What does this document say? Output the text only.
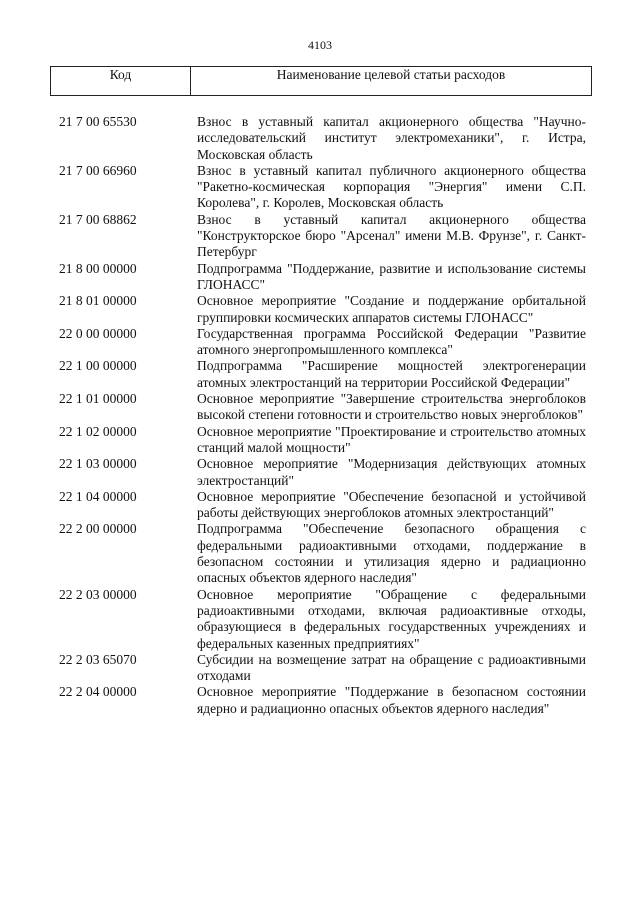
4103
Код	Наименование целевой статьи расходов
21 7 00 65530	Взнос в уставный капитал акционерного общества "Научно-исследовательский институт электромеханики", г. Истра, Московская область
21 7 00 66960	Взнос в уставный капитал публичного акционерного общества "Ракетно-космическая корпорация "Энергия" имени С.П. Королева", г. Королев, Московская область
21 7 00 68862	Взнос в уставный капитал акционерного общества "Конструкторское бюро "Арсенал" имени М.В. Фрунзе", г. Санкт-Петербург
21 8 00 00000	Подпрограмма "Поддержание, развитие и использование системы ГЛОНАСС"
21 8 01 00000	Основное мероприятие "Создание и поддержание орбитальной группировки космических аппаратов системы ГЛОНАСС"
22 0 00 00000	Государственная программа Российской Федерации "Развитие атомного энергопромышленного комплекса"
22 1 00 00000	Подпрограмма "Расширение мощностей электрогенерации атомных электростанций на территории Российской Федерации"
22 1 01 00000	Основное мероприятие "Завершение строительства энергоблоков высокой степени готовности и строительство новых энергоблоков"
22 1 02 00000	Основное мероприятие "Проектирование и строительство атомных станций малой мощности"
22 1 03 00000	Основное мероприятие "Модернизация действующих атомных электростанций"
22 1 04 00000	Основное мероприятие "Обеспечение безопасной и устойчивой работы действующих энергоблоков атомных электростанций"
22 2 00 00000	Подпрограмма "Обеспечение безопасного обращения с федеральными радиоактивными отходами, поддержание в безопасном состоянии и утилизация ядерно и радиационно опасных объектов ядерного наследия"
22 2 03 00000	Основное мероприятие "Обращение с федеральными радиоактивными отходами, включая радиоактивные отходы, образующиеся в федеральных государственных учреждениях и федеральных казенных предприятиях"
22 2 03 65070	Субсидии на возмещение затрат на обращение с радиоактивными отходами
22 2 04 00000	Основное мероприятие "Поддержание в безопасном состоянии ядерно и радиационно опасных объектов ядерного наследия"
